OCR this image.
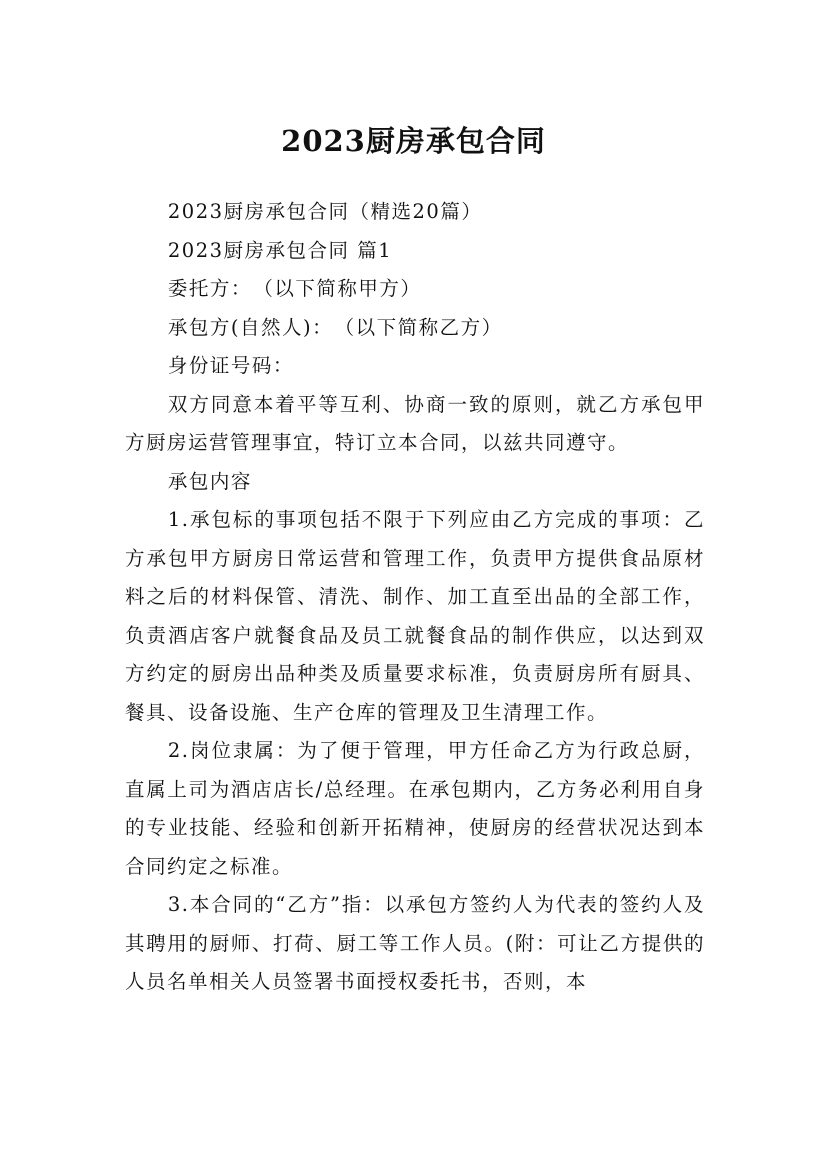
2023厨房承包合同

2023厨房承包合同（精选20篇）

2023厨房承包合同 篇1

委托方：　（以下简称甲方）

承包方(自然人)：　（以下简称乙方）

身份证号码：

双方同意本着平等互利、协商一致的原则，就乙方承包甲方厨房运营管理事宜，特订立本合同，以兹共同遵守。

承包内容

1.承包标的事项包括不限于下列应由乙方完成的事项：乙方承包甲方厨房日常运营和管理工作，负责甲方提供食品原材料之后的材料保管、清洗、制作、加工直至出品的全部工作，负责酒店客户就餐食品及员工就餐食品的制作供应，以达到双方约定的厨房出品种类及质量要求标准，负责厨房所有厨具、餐具、设备设施、生产仓库的管理及卫生清理工作。

2.岗位隶属：为了便于管理，甲方任命乙方为行政总厨，直属上司为酒店店长/总经理。在承包期内，乙方务必利用自身的专业技能、经验和创新开拓精神，使厨房的经营状况达到本合同约定之标准。

3.本合同的“乙方”指：以承包方签约人为代表的签约人及其聘用的厨师、打荷、厨工等工作人员。(附：可让乙方提供的人员名单相关人员签署书面授权委托书，否则，本
